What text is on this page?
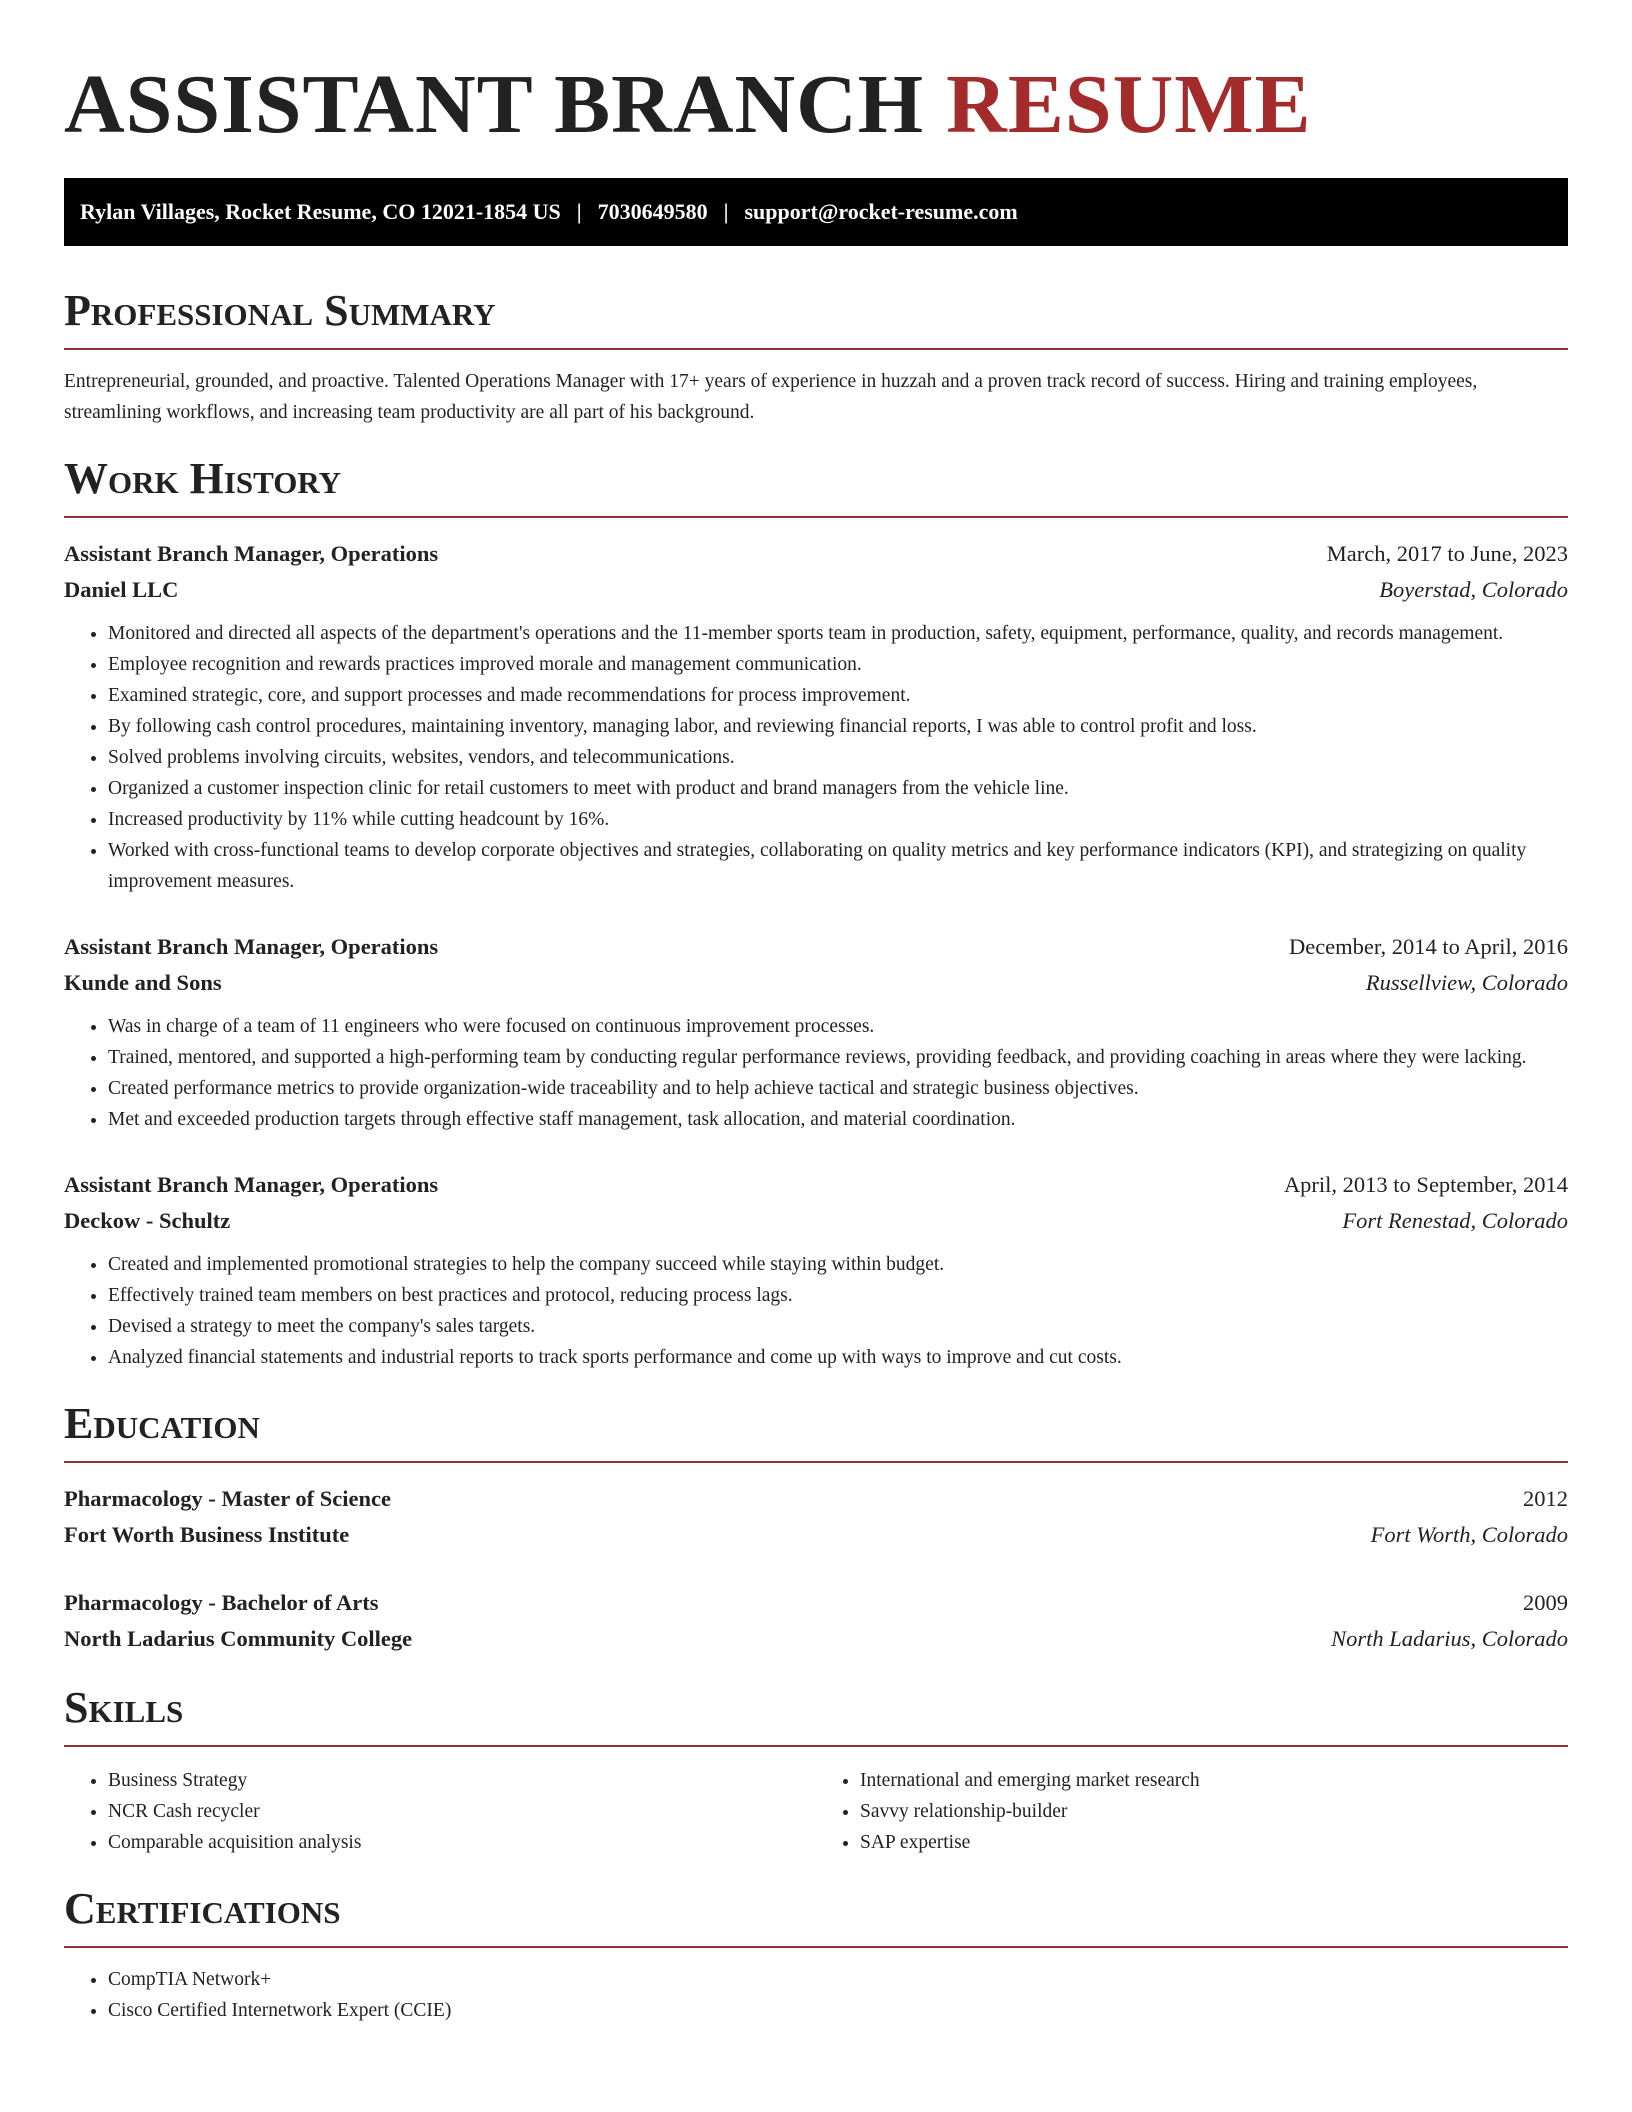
ASSISTANT BRANCH RESUME
Rylan Villages, Rocket Resume, CO 12021-1854 US | 7030649580 | support@rocket-resume.com
Professional Summary

Entrepreneurial, grounded, and proactive. Talented Operations Manager with 17+ years of experience in huzzah and a proven track record of success. Hiring and training employees, streamlining workflows, and increasing team productivity are all part of his background.

Work History
Assistant Branch Manager, Operations	March, 2017 to June, 2023
Daniel LLC	Boyerstad, Colorado
• Monitored and directed all aspects of the department's operations and the 11-member sports team in production, safety, equipment, performance, quality, and records management.
• Employee recognition and rewards practices improved morale and management communication.
• Examined strategic, core, and support processes and made recommendations for process improvement.
• By following cash control procedures, maintaining inventory, managing labor, and reviewing financial reports, I was able to control profit and loss.
• Solved problems involving circuits, websites, vendors, and telecommunications.
• Organized a customer inspection clinic for retail customers to meet with product and brand managers from the vehicle line.
• Increased productivity by 11% while cutting headcount by 16%.
• Worked with cross-functional teams to develop corporate objectives and strategies, collaborating on quality metrics and key performance indicators (KPI), and strategizing on quality improvement measures.
Assistant Branch Manager, Operations	December, 2014 to April, 2016
Kunde and Sons	Russellview, Colorado
• Was in charge of a team of 11 engineers who were focused on continuous improvement processes.
• Trained, mentored, and supported a high-performing team by conducting regular performance reviews, providing feedback, and providing coaching in areas where they were lacking.
• Created performance metrics to provide organization-wide traceability and to help achieve tactical and strategic business objectives.
• Met and exceeded production targets through effective staff management, task allocation, and material coordination.
Assistant Branch Manager, Operations	April, 2013 to September, 2014
Deckow - Schultz	Fort Renestad, Colorado
• Created and implemented promotional strategies to help the company succeed while staying within budget.
• Effectively trained team members on best practices and protocol, reducing process lags.
• Devised a strategy to meet the company's sales targets.
• Analyzed financial statements and industrial reports to track sports performance and come up with ways to improve and cut costs.
Education
Pharmacology - Master of Science	2012
Fort Worth Business Institute	Fort Worth, Colorado
Pharmacology - Bachelor of Arts	2009
North Ladarius Community College	North Ladarius, Colorado
Skills
• Business Strategy
• NCR Cash recycler
• Comparable acquisition analysis
• International and emerging market research
• Savvy relationship-builder
• SAP expertise
Certifications
• CompTIA Network+
• Cisco Certified Internetwork Expert (CCIE)
